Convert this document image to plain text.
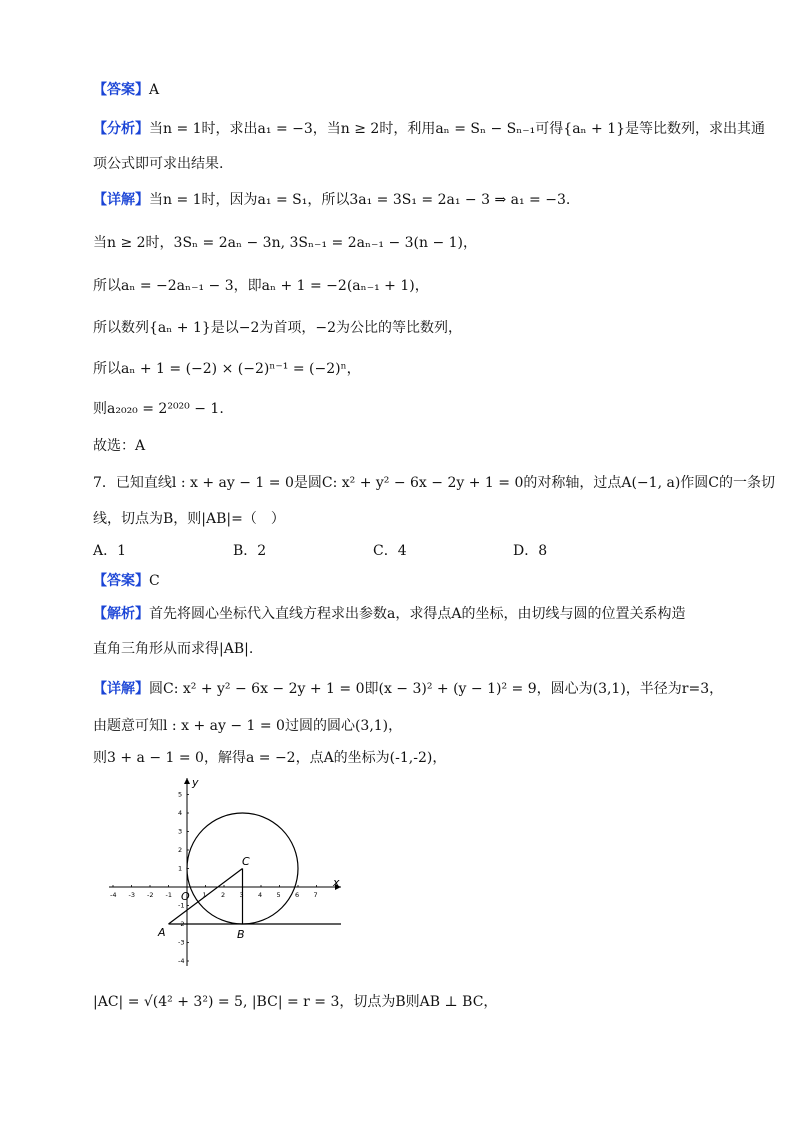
【答案】A
【分析】当n = 1时，求出a₁ = −3，当n ≥ 2时，利用aₙ = Sₙ − Sₙ₋₁可得{aₙ + 1}是等比数列，求出其通
项公式即可求出结果.
【详解】当n = 1时，因为a₁ = S₁，所以3a₁ = 3S₁ = 2a₁ − 3 ⇒ a₁ = −3.
当n ≥ 2时，3Sₙ = 2aₙ − 3n, 3Sₙ₋₁ = 2aₙ₋₁ − 3(n − 1)，
所以aₙ = −2aₙ₋₁ − 3，即aₙ + 1 = −2(aₙ₋₁ + 1)，
所以数列{aₙ + 1}是以−2为首项，−2为公比的等比数列，
所以aₙ + 1 = (−2) × (−2)ⁿ⁻¹ = (−2)ⁿ，
则a₂₀₂₀ = 2²⁰²⁰ − 1.
故选：A
7．已知直线l : x + ay − 1 = 0是圆C: x² + y² − 6x − 2y + 1 = 0的对称轴，过点A(−1, a)作圆C的一条切
线，切点为B，则|AB|=（　）
A．1	B．2	C．4	D．8
【答案】C
【解析】首先将圆心坐标代入直线方程求出参数a，求得点A的坐标，由切线与圆的位置关系构造
直角三角形从而求得|AB|.
【详解】圆C: x² + y² − 6x − 2y + 1 = 0即(x − 3)² + (y − 1)² = 9，圆心为(3,1)，半径为r=3，
由题意可知l : x + ay − 1 = 0过圆的圆心(3,1)，
则3 + a − 1 = 0，解得a = −2，点A的坐标为(-1,-2)，
-4 -3 -2 -1	1 2 3 4 5 6 7
5
4
3
2
1
-1
-2
-3
-4
x
y
O
A	B
C
|AC| = √(4² + 3²) = 5, |BC| = r = 3，切点为B则AB ⊥ BC，
